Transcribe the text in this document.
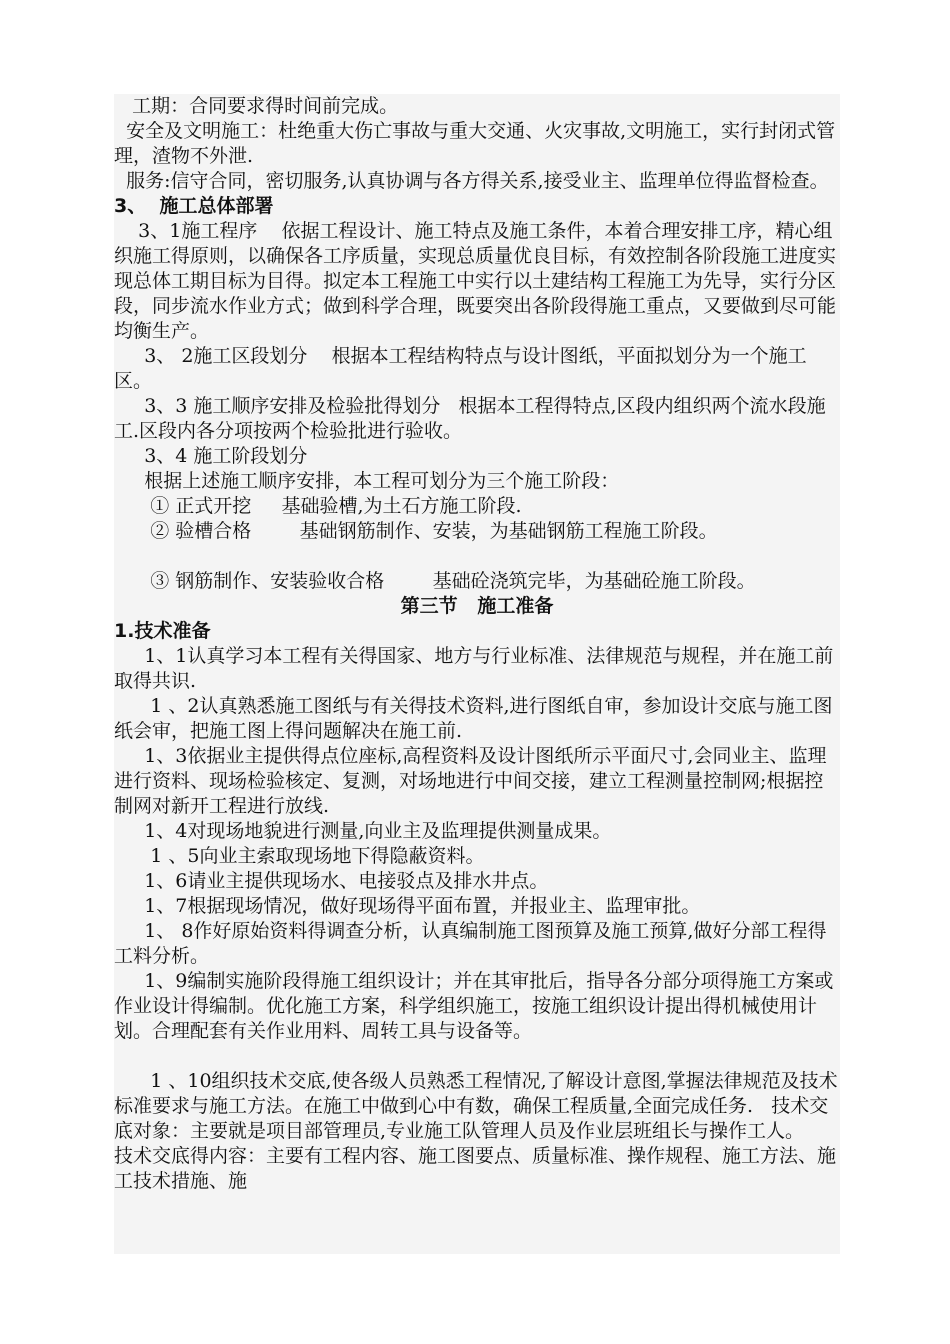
工期：合同要求得时间前完成。

安全及文明施工：杜绝重大伤亡事故与重大交通、火灾事故,文明施工，实行封闭式管理，渣物不外泄.

服务:信守合同，密切服务,认真协调与各方得关系,接受业主、监理单位得监督检查。

3、  施工总体部署

3、1施工程序    依据工程设计、施工特点及施工条件，本着合理安排工序，精心组织施工得原则，以确保各工序质量，实现总质量优良目标，有效控制各阶段施工进度实现总体工期目标为目得。拟定本工程施工中实行以土建结构工程施工为先导，实行分区段，同步流水作业方式；做到科学合理，既要突出各阶段得施工重点，又要做到尽可能均衡生产。

3、 2施工区段划分    根据本工程结构特点与设计图纸，平面拟划分为一个施工区。

3、3 施工顺序安排及检验批得划分   根据本工程得特点,区段内组织两个流水段施工.区段内各分项按两个检验批进行验收。

3、4 施工阶段划分

根据上述施工顺序安排，本工程可划分为三个施工阶段：

① 正式开挖     基础验槽,为土石方施工阶段.

② 验槽合格        基础钢筋制作、安装，为基础钢筋工程施工阶段。

③ 钢筋制作、安装验收合格        基础砼浇筑完毕，为基础砼施工阶段。

第三节   施工准备

1.技术准备

1、1认真学习本工程有关得国家、地方与行业标准、法律规范与规程，并在施工前取得共识.

1 、2认真熟悉施工图纸与有关得技术资料,进行图纸自审，参加设计交底与施工图纸会审，把施工图上得问题解决在施工前.

1、3依据业主提供得点位座标,高程资料及设计图纸所示平面尺寸,会同业主、监理进行资料、现场检验核定、复测，对场地进行中间交接，建立工程测量控制网;根据控制网对新开工程进行放线.

1、4对现场地貌进行测量,向业主及监理提供测量成果。

1 、5向业主索取现场地下得隐蔽资料。

1、6请业主提供现场水、电接驳点及排水井点。

1、7根据现场情况，做好现场得平面布置，并报业主、监理审批。

1、 8作好原始资料得调查分析，认真编制施工图预算及施工预算,做好分部工程得工料分析。

1、9编制实施阶段得施工组织设计；并在其审批后，指导各分部分项得施工方案或作业设计得编制。优化施工方案，科学组织施工，按施工组织设计提出得机械使用计划。合理配套有关作业用料、周转工具与设备等。

1 、10组织技术交底,使各级人员熟悉工程情况,了解设计意图,掌握法律规范及技术标准要求与施工方法。在施工中做到心中有数，确保工程质量,全面完成任务.   技术交底对象：主要就是项目部管理员,专业施工队管理人员及作业层班组长与操作工人。   技术交底得内容：主要有工程内容、施工图要点、质量标准、操作规程、施工方法、施工技术措施、施
